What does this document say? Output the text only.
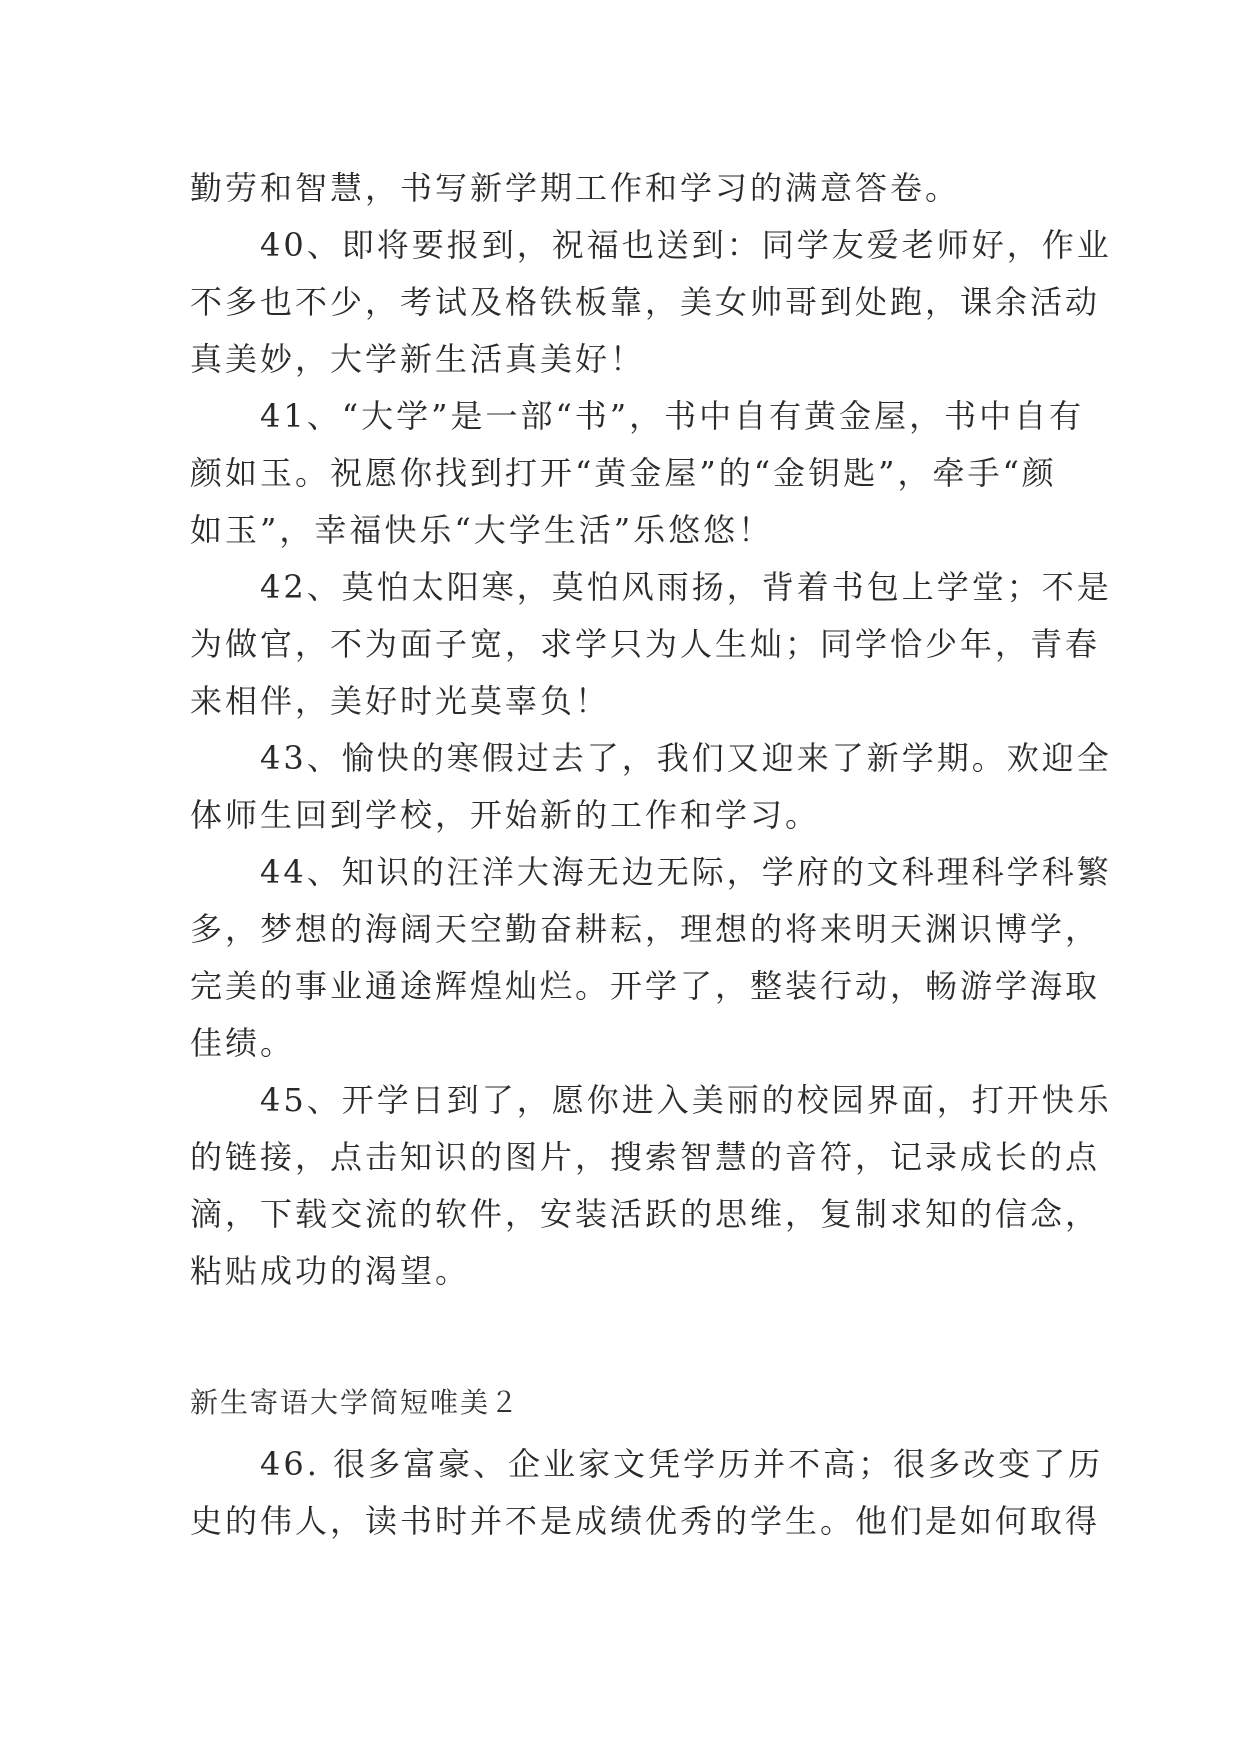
勤劳和智慧，书写新学期工作和学习的满意答卷。
　　40、即将要报到，祝福也送到：同学友爱老师好，作业
不多也不少，考试及格铁板靠，美女帅哥到处跑，课余活动
真美妙，大学新生活真美好！
　　41、“大学”是一部“书”，书中自有黄金屋，书中自有
颜如玉。祝愿你找到打开“黄金屋”的“金钥匙”，牵手“颜
如玉”，幸福快乐“大学生活”乐悠悠！
　　42、莫怕太阳寒，莫怕风雨扬，背着书包上学堂；不是
为做官，不为面子宽，求学只为人生灿；同学恰少年，青春
来相伴，美好时光莫辜负！
　　43、愉快的寒假过去了，我们又迎来了新学期。欢迎全
体师生回到学校，开始新的工作和学习。
　　44、知识的汪洋大海无边无际，学府的文科理科学科繁
多，梦想的海阔天空勤奋耕耘，理想的将来明天渊识博学，
完美的事业通途辉煌灿烂。开学了，整装行动，畅游学海取
佳绩。
　　45、开学日到了，愿你进入美丽的校园界面，打开快乐
的链接，点击知识的图片，搜索智慧的音符，记录成长的点
滴，下载交流的软件，安装活跃的思维，复制求知的信念，
粘贴成功的渴望。
新生寄语大学简短唯美２
　　46. 很多富豪、企业家文凭学历并不高；很多改变了历
史的伟人，读书时并不是成绩优秀的学生。他们是如何取得
